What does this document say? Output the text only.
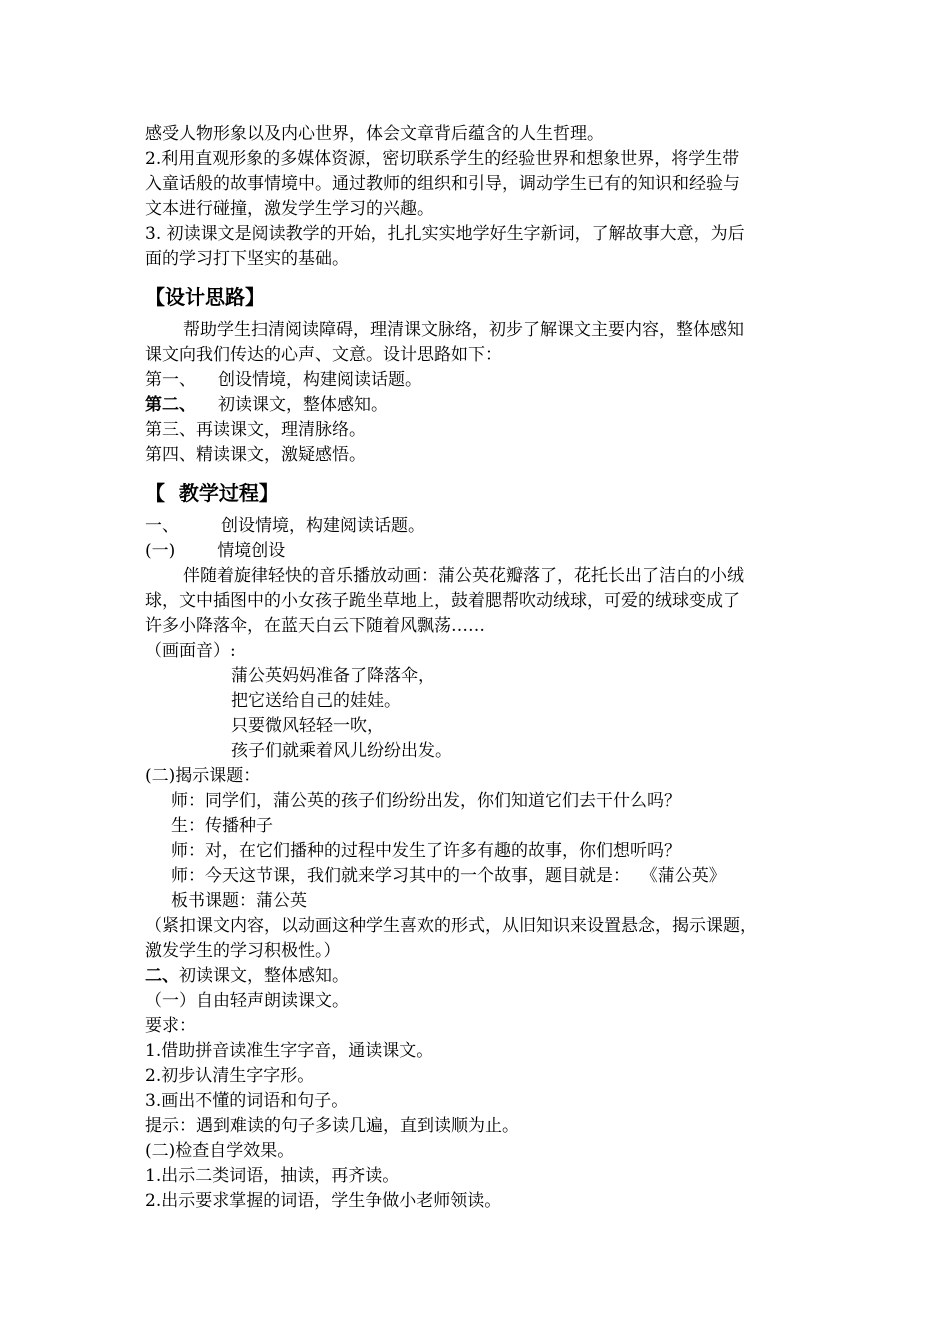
感受人物形象以及内心世界，体会文章背后蕴含的人生哲理。
2.利用直观形象的多媒体资源，密切联系学生的经验世界和想象世界，将学生带
入童话般的故事情境中。通过教师的组织和引导，调动学生已有的知识和经验与
文本进行碰撞，激发学生学习的兴趣。
3. 初读课文是阅读教学的开始，扎扎实实地学好生字新词，了解故事大意，为后
面的学习打下坚实的基础。
【设计思路】
帮助学生扫清阅读障碍，理清课文脉络，初步了解课文主要内容，整体感知
课文向我们传达的心声、文意。设计思路如下：
第一、 创设情境，构建阅读话题。
第二、 初读课文，整体感知。
第三、再读课文，理清脉络。
第四、精读课文，激疑感悟。
【  教学过程】
一、 创设情境，构建阅读话题。
(一) 情境创设
伴随着旋律轻快的音乐播放动画：蒲公英花瓣落了，花托长出了洁白的小绒
球，文中插图中的小女孩子跪坐草地上，鼓着腮帮吹动绒球，可爱的绒球变成了
许多小降落伞，在蓝天白云下随着风飘荡……
（画面音）:
蒲公英妈妈准备了降落伞，
把它送给自己的娃娃。
只要微风轻轻一吹，
孩子们就乘着风儿纷纷出发。
(二)揭示课题：
师：同学们，蒲公英的孩子们纷纷出发，你们知道它们去干什么吗？
生：传播种子
师：对，在它们播种的过程中发生了许多有趣的故事，你们想听吗？
师：今天这节课，我们就来学习其中的一个故事，题目就是：  《蒲公英》
板书课题：蒲公英
（紧扣课文内容，以动画这种学生喜欢的形式，从旧知识来设置悬念，揭示课题，
激发学生的学习积极性。）
二、初读课文，整体感知。
（一）自由轻声朗读课文。
要求：
1.借助拼音读准生字字音，通读课文。
2.初步认清生字字形。
3.画出不懂的词语和句子。
提示：遇到难读的句子多读几遍，直到读顺为止。
(二)检查自学效果。
1.出示二类词语，抽读，再齐读。
2.出示要求掌握的词语，学生争做小老师领读。
